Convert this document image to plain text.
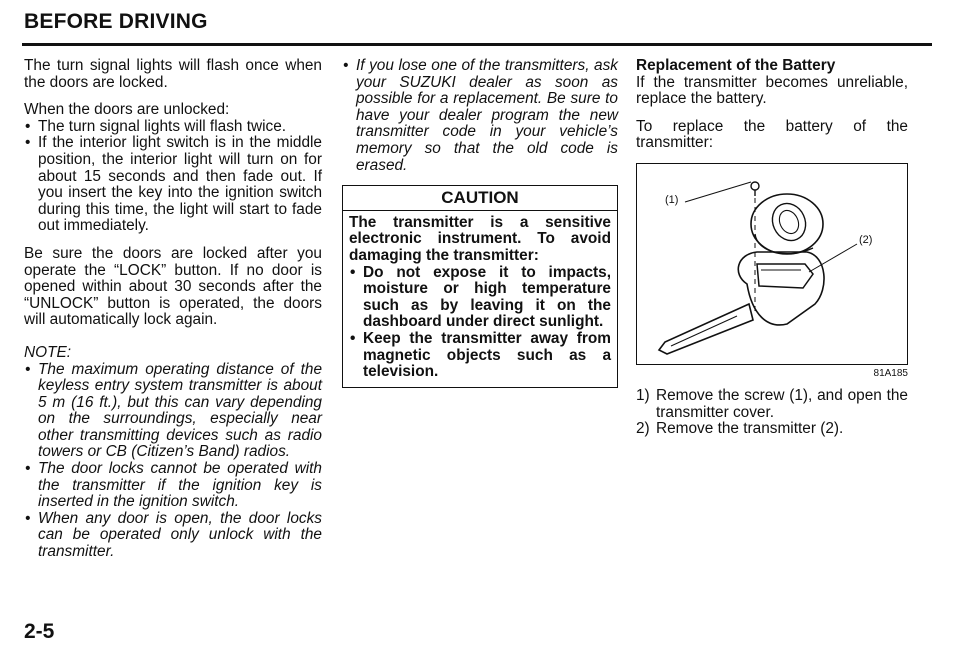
BEFORE DRIVING

The turn signal lights will flash once when the doors are locked.

When the doors are unlocked:

• The turn signal lights will flash twice.
• If the interior light switch is in the middle position, the interior light will turn on for about 15 seconds and then fade out. If you insert the key into the ignition switch during this time, the light will start to fade out immediately.

Be sure the doors are locked after you operate the “LOCK” button. If no door is opened within about 30 seconds after the “UNLOCK” button is operated, the doors will automatically lock again.

NOTE:

• The maximum operating distance of the keyless entry system transmitter is about 5 m (16 ft.), but this can vary depending on the surroundings, especially near other transmitting devices such as radio towers or CB (Citizen’s Band) radios.
• The door locks cannot be operated with the transmitter if the ignition key is inserted in the ignition switch.
• When any door is open, the door locks can be operated only unlock with the transmitter.
• If you lose one of the transmitters, ask your SUZUKI dealer as soon as possible for a replacement. Be sure to have your dealer program the new transmitter code in your vehicle’s memory so that the old code is erased.
CAUTION

The transmitter is a sensitive electronic instrument. To avoid damaging the transmitter:

• Do not expose it to impacts, moisture or high temperature such as by leaving it on the dashboard under direct sunlight.
• Keep the transmitter away from magnetic objects such as a television.

Replacement of the Battery

If the transmitter becomes unreliable, replace the battery.

To replace the battery of the transmitter:

(1)
(2)
81A185
1) Remove the screw (1), and open the transmitter cover.
2) Remove the transmitter (2).
2-5
